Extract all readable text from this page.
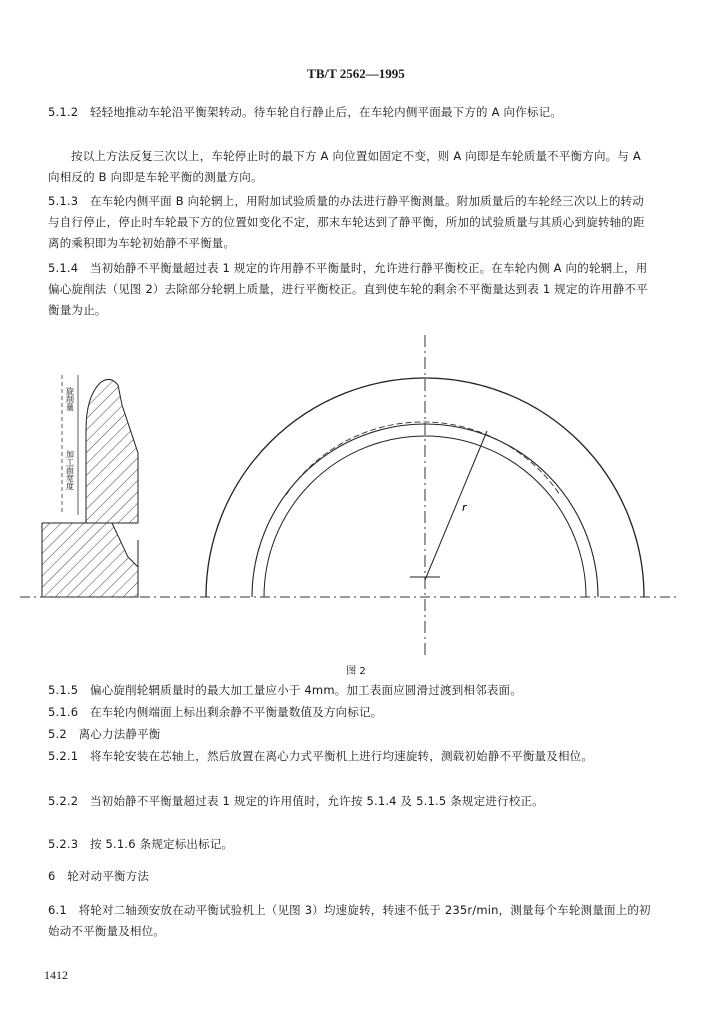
TB/T 2562—1995
5.1.2　轻轻地推动车轮沿平衡架转动。待车轮自行静止后，在车轮内侧平面最下方的 A 向作标记。
按以上方法反复三次以上，车轮停止时的最下方 A 向位置如固定不变，则 A 向即是车轮质量不平衡方向。与 A 向相反的 B 向即是车轮平衡的测量方向。
5.1.3　在车轮内侧平面 B 向轮辋上，用附加试验质量的办法进行静平衡测量。附加质量后的车轮经三次以上的转动与自行停止，停止时车轮最下方的位置如变化不定，那末车轮达到了静平衡，所加的试验质量与其质心到旋转轴的距离的乘积即为车轮初始静不平衡量。
5.1.4　当初始静不平衡量超过表 1 规定的许用静不平衡量时，允许进行静平衡校正。在车轮内侧 A 向的轮辋上，用偏心旋削法（见图 2）去除部分轮辋上质量，进行平衡校正。直到使车轮的剩余不平衡量达到表 1 规定的许用静不平衡量为止。
旋削量
加工面宽度
r
图 2
5.1.5　偏心旋削轮辋质量时的最大加工量应小于 4mm。加工表面应圆滑过渡到相邻表面。
5.1.6　在车轮内侧端面上标出剩余静不平衡量数值及方向标记。
5.2　离心力法静平衡
5.2.1　将车轮安装在芯轴上，然后放置在离心力式平衡机上进行均速旋转，测载初始静不平衡量及相位。
5.2.2　当初始静不平衡量超过表 1 规定的许用值时，允许按 5.1.4 及 5.1.5 条规定进行校正。
5.2.3　按 5.1.6 条规定标出标记。
6　轮对动平衡方法
6.1　将轮对二轴颈安放在动平衡试验机上（见图 3）均速旋转，转速不低于 235r/min，测量每个车轮测量面上的初始动不平衡量及相位。
1412
